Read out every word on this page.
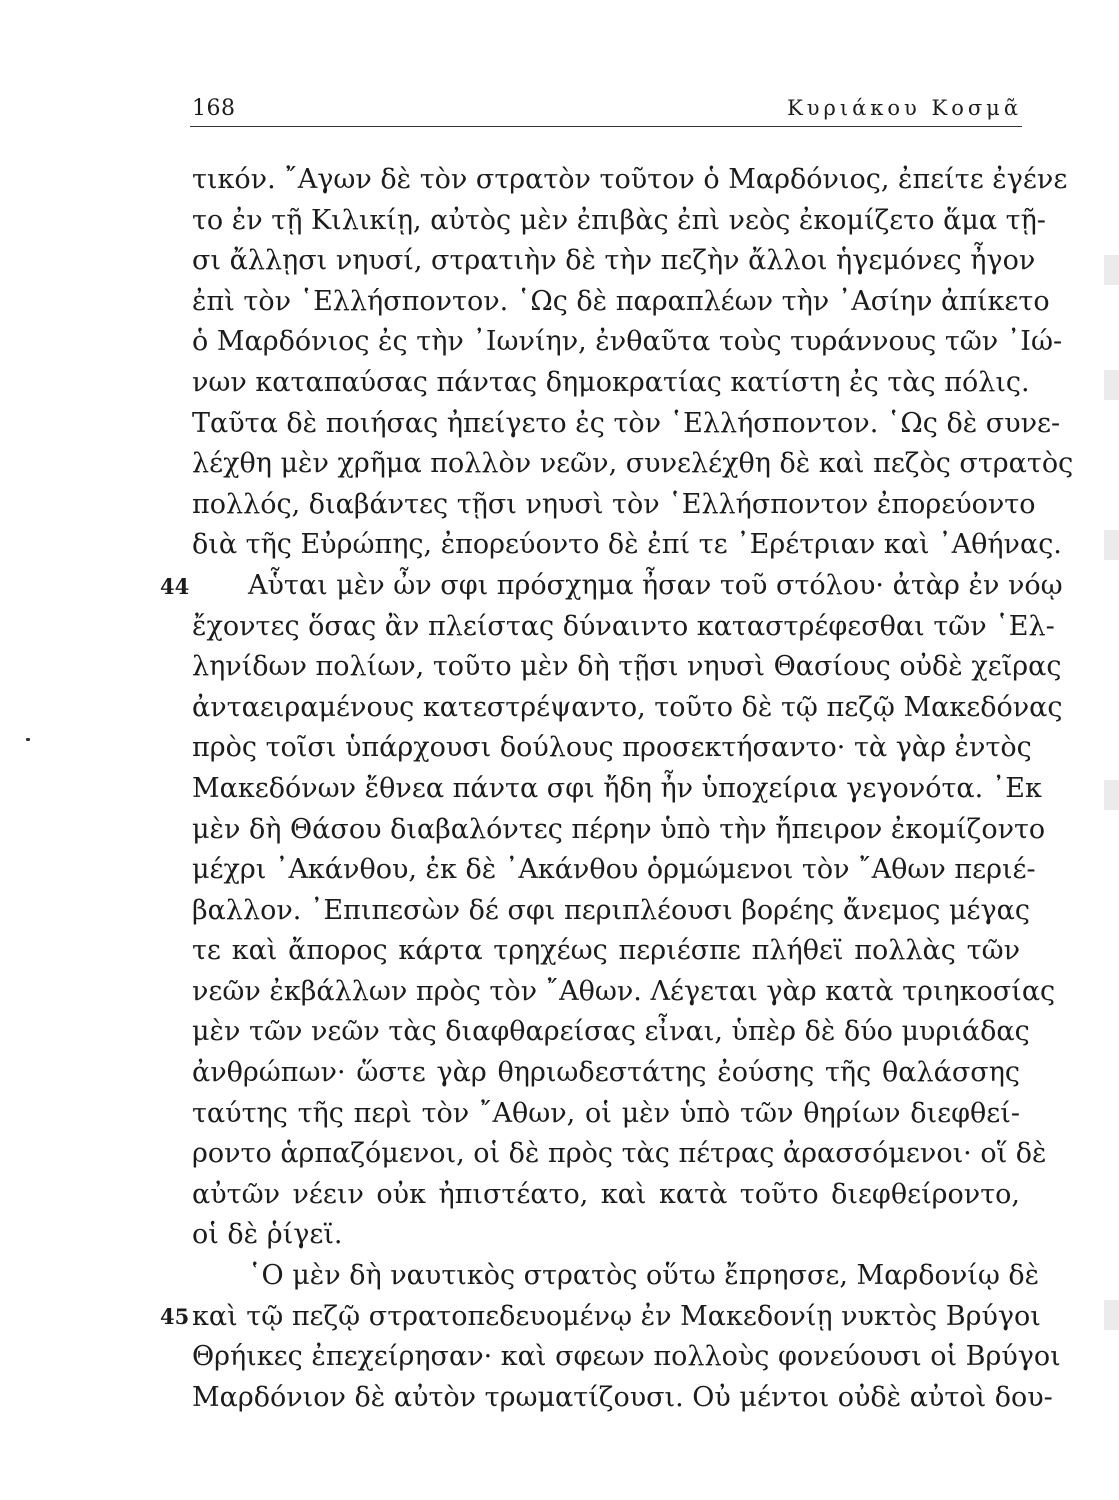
168	Κυριάκου Κοσμᾶ
44
45
τικόν. ῎Αγων δὲ τὸν στρατὸν τοῦτον ὁ Μαρδόνιος, ἐπείτε ἐγένε
το ἐν τῇ Κιλικίῃ, αὐτὸς μὲν ἐπιβὰς ἐπὶ νεὸς ἐκομίζετο ἅμα τῇ-
σι ἄλλῃσι νηυσί, στρατιὴν δὲ τὴν πεζὴν ἄλλοι ἡγεμόνες ἦγον
ἐπὶ τὸν ῾Ελλήσποντον. ῾Ως δὲ παραπλέων τὴν ᾿Ασίην ἀπίκετο
ὁ Μαρδόνιος ἐς τὴν ᾿Ιωνίην, ἐνθαῦτα τοὺς τυράννους τῶν ᾿Ιώ-
νων καταπαύσας πάντας δημοκρατίας κατίστη ἐς τὰς πόλις.
Ταῦτα δὲ ποιήσας ἠπείγετο ἐς τὸν ῾Ελλήσποντον. ῾Ως δὲ συνε-
λέχθη μὲν χρῆμα πολλὸν νεῶν, συνελέχθη δὲ καὶ πεζὸς στρατὸς
πολλός, διαβάντες τῇσι νηυσὶ τὸν ῾Ελλήσποντον ἐπορεύοντο
διὰ τῆς Εὐρώπης, ἐπορεύοντο δὲ ἐπί τε ᾿Ερέτριαν καὶ ᾿Αθήνας.
Αὗται μὲν ὦν σφι πρόσχημα ἦσαν τοῦ στόλου· ἀτὰρ ἐν νόῳ
ἔχοντες ὅσας ἂν πλείστας δύναιντο καταστρέφεσθαι τῶν ῾Ελ-
ληνίδων πολίων, τοῦτο μὲν δὴ τῇσι νηυσὶ Θασίους οὐδὲ χεῖρας
ἀνταειραμένους κατεστρέψαντο, τοῦτο δὲ τῷ πεζῷ Μακεδόνας
πρὸς τοῖσι ὑπάρχουσι δούλους προσεκτήσαντο· τὰ γὰρ ἐντὸς
Μακεδόνων ἔθνεα πάντα σφι ἤδη ἦν ὑποχείρια γεγονότα. ᾿Εκ
μὲν δὴ Θάσου διαβαλόντες πέρην ὑπὸ τὴν ἤπειρον ἐκομίζοντο
μέχρι ᾿Ακάνθου, ἐκ δὲ ᾿Ακάνθου ὁρμώμενοι τὸν ῎Αθων περιέ-
βαλλον. ᾿Επιπεσὼν δέ σφι περιπλέουσι βορέης ἄνεμος μέγας
τε καὶ ἄπορος κάρτα τρηχέως περιέσπε πλήθεϊ πολλὰς τῶν
νεῶν ἐκβάλλων πρὸς τὸν ῎Αθων. Λέγεται γὰρ κατὰ τριηκοσίας
μὲν τῶν νεῶν τὰς διαφθαρείσας εἶναι, ὑπὲρ δὲ δύο μυριάδας
ἀνθρώπων· ὥστε γὰρ θηριωδεστάτης ἐούσης τῆς θαλάσσης
ταύτης τῆς περὶ τὸν ῎Αθων, οἱ μὲν ὑπὸ τῶν θηρίων διεφθεί-
ροντο ἁρπαζόμενοι, οἱ δὲ πρὸς τὰς πέτρας ἀρασσόμενοι· οἵ δὲ
αὐτῶν νέειν οὐκ ἠπιστέατο, καὶ κατὰ τοῦτο διεφθείροντο,
οἱ δὲ ῥίγεϊ.
῾Ο μὲν δὴ ναυτικὸς στρατὸς οὕτω ἔπρησσε, Μαρδονίῳ δὲ
καὶ τῷ πεζῷ στρατοπεδευομένῳ ἐν Μακεδονίῃ νυκτὸς Βρύγοι
Θρήικες ἐπεχείρησαν· καὶ σφεων πολλοὺς φονεύουσι οἱ Βρύγοι
Μαρδόνιον δὲ αὐτὸν τρωματίζουσι. Οὐ μέντοι οὐδὲ αὐτοὶ δου-
